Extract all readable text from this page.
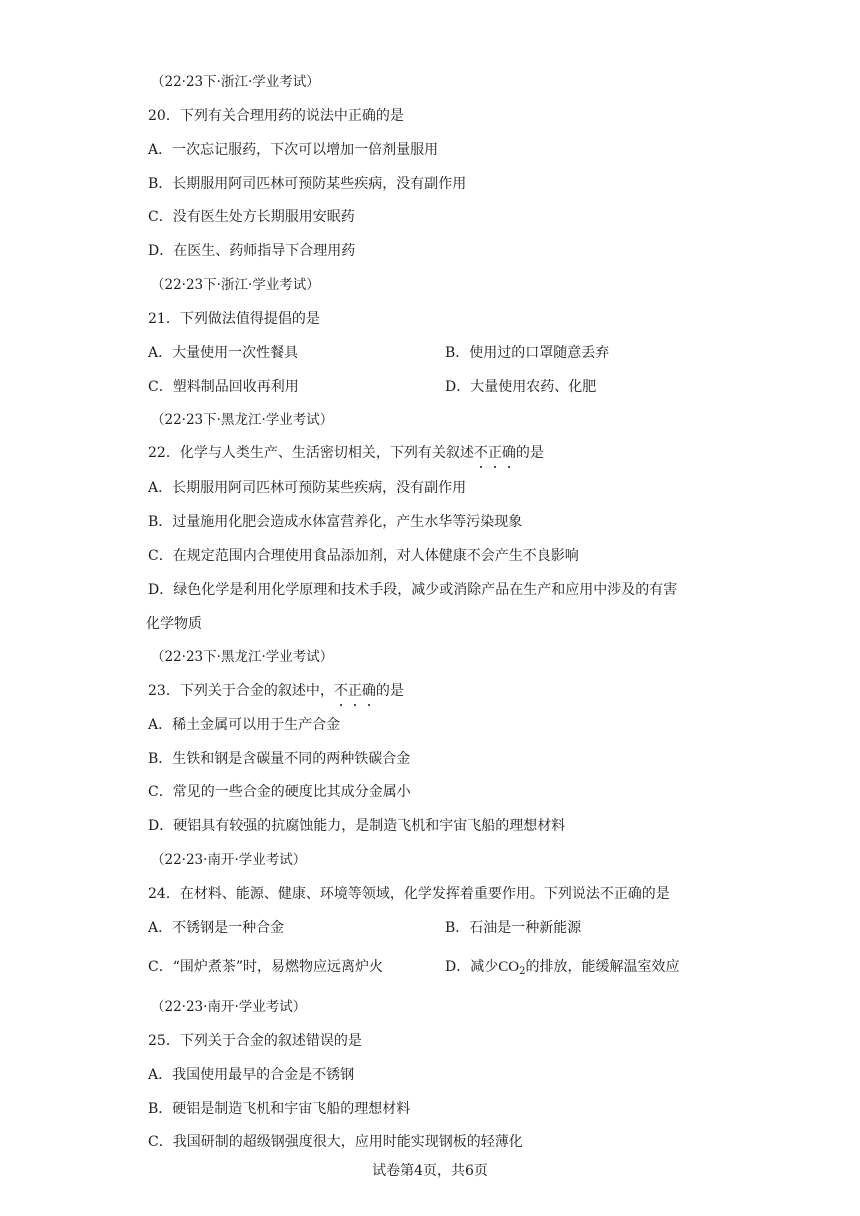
（22·23下·浙江·学业考试）
20．下列有关合理用药的说法中正确的是
A．一次忘记服药，下次可以增加一倍剂量服用
B．长期服用阿司匹林可预防某些疾病，没有副作用
C．没有医生处方长期服用安眠药
D．在医生、药师指导下合理用药
（22·23下·浙江·学业考试）
21．下列做法值得提倡的是
A．大量使用一次性餐具	B．使用过的口罩随意丢弃
C．塑料制品回收再利用	D．大量使用农药、化肥
（22·23下·黑龙江·学业考试）
22．化学与人类生产、生活密切相关，下列有关叙述不正确的是
A．长期服用阿司匹林可预防某些疾病，没有副作用
B．过量施用化肥会造成水体富营养化，产生水华等污染现象
C．在规定范围内合理使用食品添加剂，对人体健康不会产生不良影响
D．绿色化学是利用化学原理和技术手段，减少或消除产品在生产和应用中涉及的有害
化学物质
（22·23下·黑龙江·学业考试）
23．下列关于合金的叙述中，不正确的是
A．稀土金属可以用于生产合金
B．生铁和钢是含碳量不同的两种铁碳合金
C．常见的一些合金的硬度比其成分金属小
D．硬铝具有较强的抗腐蚀能力，是制造飞机和宇宙飞船的理想材料
（22·23·南开·学业考试）
24．在材料、能源、健康、环境等领域，化学发挥着重要作用。下列说法不正确的是
A．不锈钢是一种合金	B．石油是一种新能源
C．“围炉煮茶”时，易燃物应远离炉火	D．减少$CO_2$的排放，能缓解温室效应
（22·23·南开·学业考试）
25．下列关于合金的叙述错误的是
A．我国使用最早的合金是不锈钢
B．硬铝是制造飞机和宇宙飞船的理想材料
C．我国研制的超级钢强度很大，应用时能实现钢板的轻薄化
试卷第4页，共6页
